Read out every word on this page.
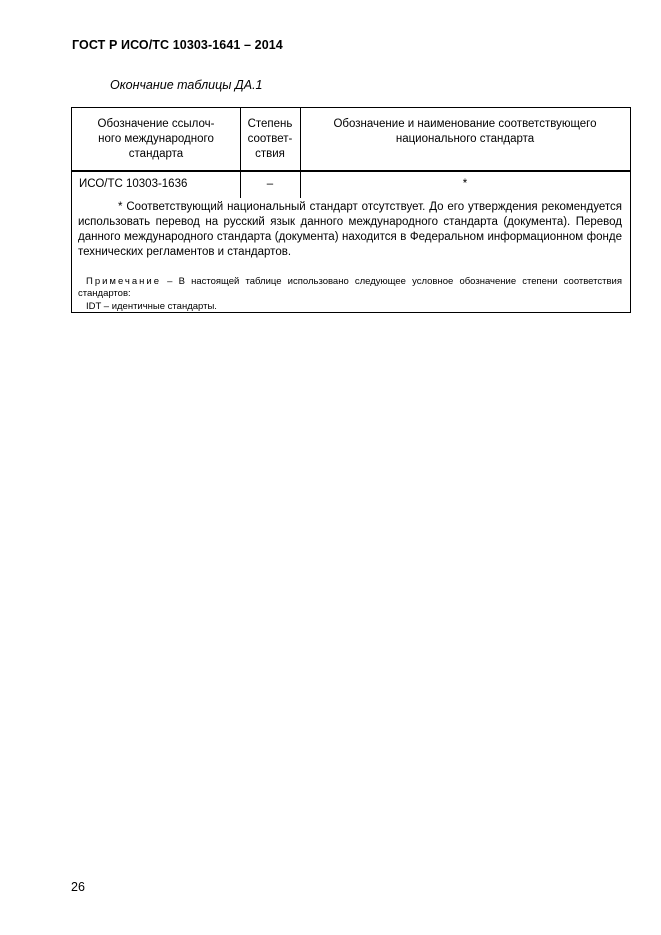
ГОСТ Р ИСО/ТС 10303-1641 – 2014
Окончание таблицы ДА.1
Обозначение ссылоч-
ного международного
стандарта
Степень
соответ-
ствия
Обозначение и наименование соответствующего
национального стандарта
ИСО/ТС 10303-1636	–	*
* Соответствующий национальный стандарт отсутствует. До его утверждения рекомендуется использовать перевод на русский язык данного международного стандарта (документа). Перевод данного международного стандарта (документа) находится в Федеральном информационном фонде технических регламентов и стандартов.
Примечание – В настоящей таблице использовано следующее условное обозначение степени соответствия стандартов:
IDT – идентичные стандарты.
26
